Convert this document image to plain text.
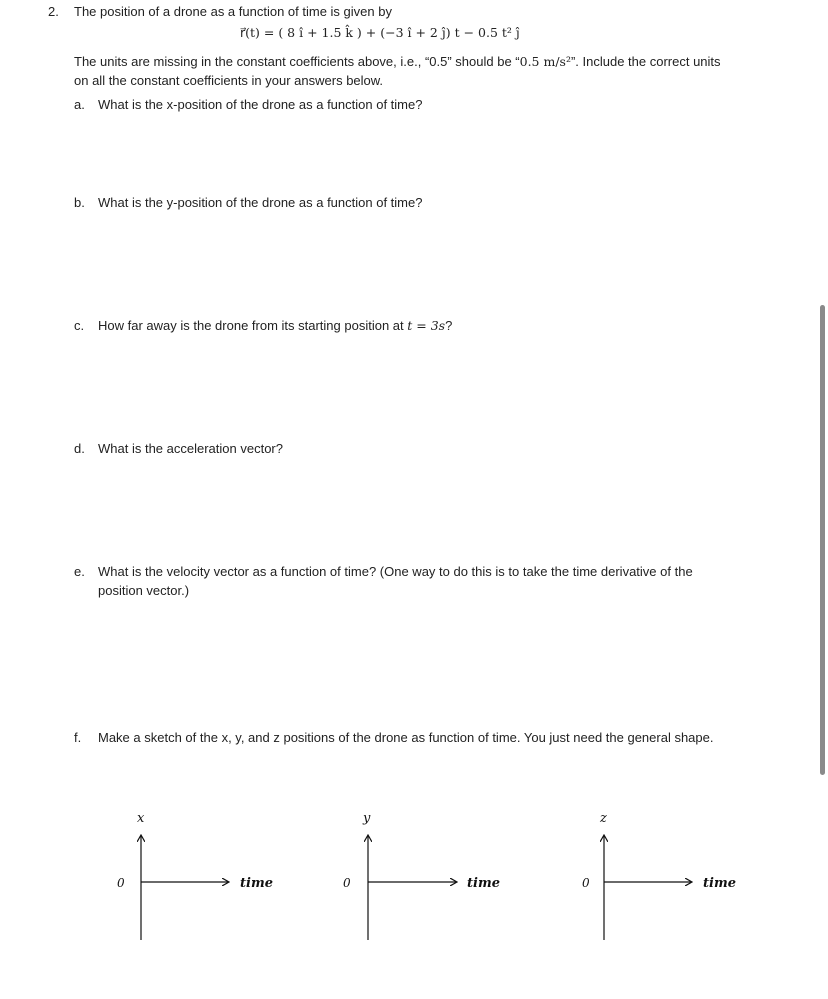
2. The position of a drone as a function of time is given by
r⃗(t) = ( 8 î + 1.5 k̂ ) + (−3 î + 2 ĵ) t − 0.5 t² ĵ
The units are missing in the constant coefficients above, i.e., “0.5” should be “0.5 m/s²”. Include the correct units
on all the constant coefficients in your answers below.
a. What is the x-position of the drone as a function of time?
b. What is the y-position of the drone as a function of time?
c. How far away is the drone from its starting position at t = 3s?
d. What is the acceleration vector?
e. What is the velocity vector as a function of time? (One way to do this is to take the time derivative of the
position vector.)
f. Make a sketch of the x, y, and z positions of the drone as function of time. You just need the general shape.
x
0	time
y
0	time
z
0	time
